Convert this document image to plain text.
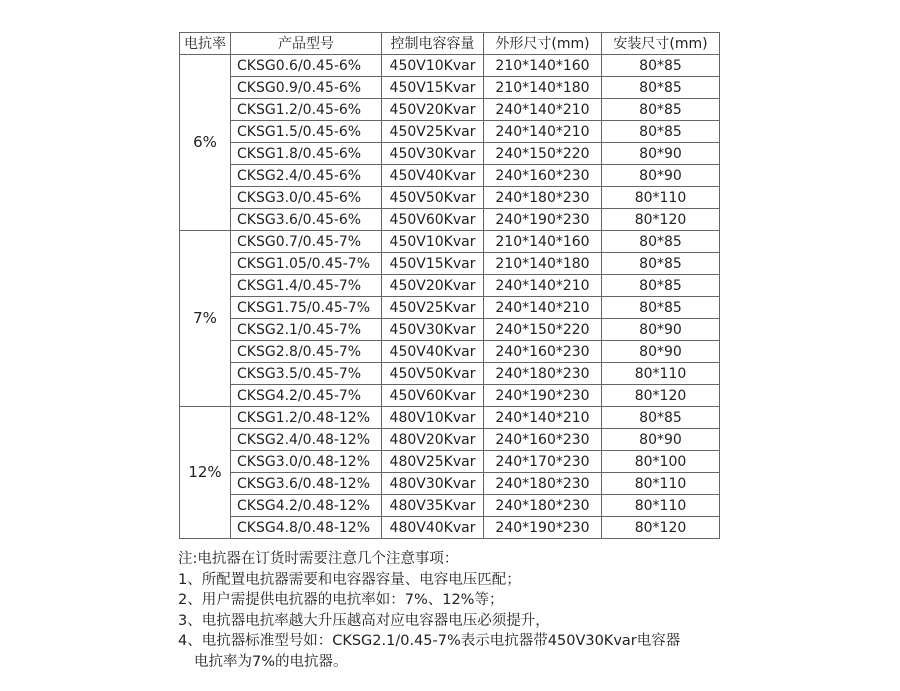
电抗率	产品型号	控制电容容量	外形尺寸(mm)	安装尺寸(mm)
6%	CKSG0.6/0.45-6%	450V10Kvar	210*140*160	80*85
	CKSG0.9/0.45-6%	450V15Kvar	210*140*180	80*85
	CKSG1.2/0.45-6%	450V20Kvar	240*140*210	80*85
	CKSG1.5/0.45-6%	450V25Kvar	240*140*210	80*85
	CKSG1.8/0.45-6%	450V30Kvar	240*150*220	80*90
	CKSG2.4/0.45-6%	450V40Kvar	240*160*230	80*90
	CKSG3.0/0.45-6%	450V50Kvar	240*180*230	80*110
	CKSG3.6/0.45-6%	450V60Kvar	240*190*230	80*120
7%	CKSG0.7/0.45-7%	450V10Kvar	210*140*160	80*85
	CKSG1.05/0.45-7%	450V15Kvar	210*140*180	80*85
	CKSG1.4/0.45-7%	450V20Kvar	240*140*210	80*85
	CKSG1.75/0.45-7%	450V25Kvar	240*140*210	80*85
	CKSG2.1/0.45-7%	450V30Kvar	240*150*220	80*90
	CKSG2.8/0.45-7%	450V40Kvar	240*160*230	80*90
	CKSG3.5/0.45-7%	450V50Kvar	240*180*230	80*110
	CKSG4.2/0.45-7%	450V60Kvar	240*190*230	80*120
12%	CKSG1.2/0.48-12%	480V10Kvar	240*140*210	80*85
	CKSG2.4/0.48-12%	480V20Kvar	240*160*230	80*90
	CKSG3.0/0.48-12%	480V25Kvar	240*170*230	80*100
	CKSG3.6/0.48-12%	480V30Kvar	240*180*230	80*110
	CKSG4.2/0.48-12%	480V35Kvar	240*180*230	80*110
	CKSG4.8/0.48-12%	480V40Kvar	240*190*230	80*120
注:电抗器在订货时需要注意几个注意事项：
1、所配置电抗器需要和电容器容量、电容电压匹配；
2、用户需提供电抗器的电抗率如：7%、12%等；
3、电抗器电抗率越大升压越高对应电容器电压必须提升，
4、电抗器标准型号如：CKSG2.1/0.45-7%表示电抗器带450V30Kvar电容器
电抗率为7%的电抗器。
